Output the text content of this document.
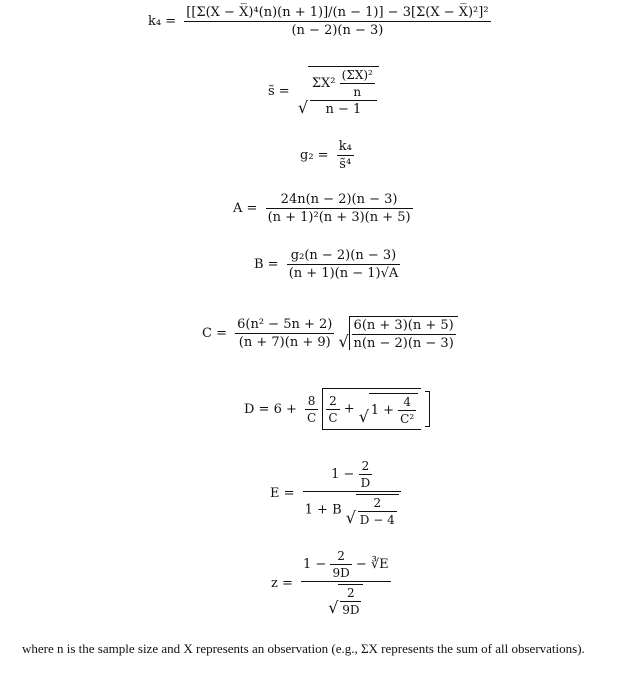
$k_4 = \frac{\text{[[Σ(X − X̅)⁴(n)(n + 1)]/(n − 1)] − 3[Σ(X − X̅)²]²}}{(n - 2)(n - 3)}$
s̃ =
√ $\frac{\Sigma X^2 \frac{\text{(ΣX)²}}{n}}{n - 1}$
$g_2 = \frac{\text{k₄}}{\text{s̃⁴}}$
$A = \frac{24n(n - 2)(n - 3)}{\text{(n + 1)²(n + 3)(n + 5)}}$
$B = \frac{\text{g₂(n − 2)(n − 3)}}{(n + 1)(n - 1)√A}$
$C = \frac{\text{6(n² − 5n + 2)}}{(n + 7)(n + 9)}$
√ $\frac{6(n + 3)(n + 5)}{n(n - 2)(n - 3)}$
$D = 6 + \frac{8}{C}$
$\frac{2}{C}$ + √ $1 + \frac{4}{\text{C²}}$

E =
$1 - \frac{2}{D}$
1 + B √ $\frac{2}{D - 4}$
$z = \frac{1 - \frac{2}{9D} - ∛E}{√ \frac{2}{9D}}$
where n is the sample size and X represents an observation (e.g., ΣX represents the sum of all observations).
